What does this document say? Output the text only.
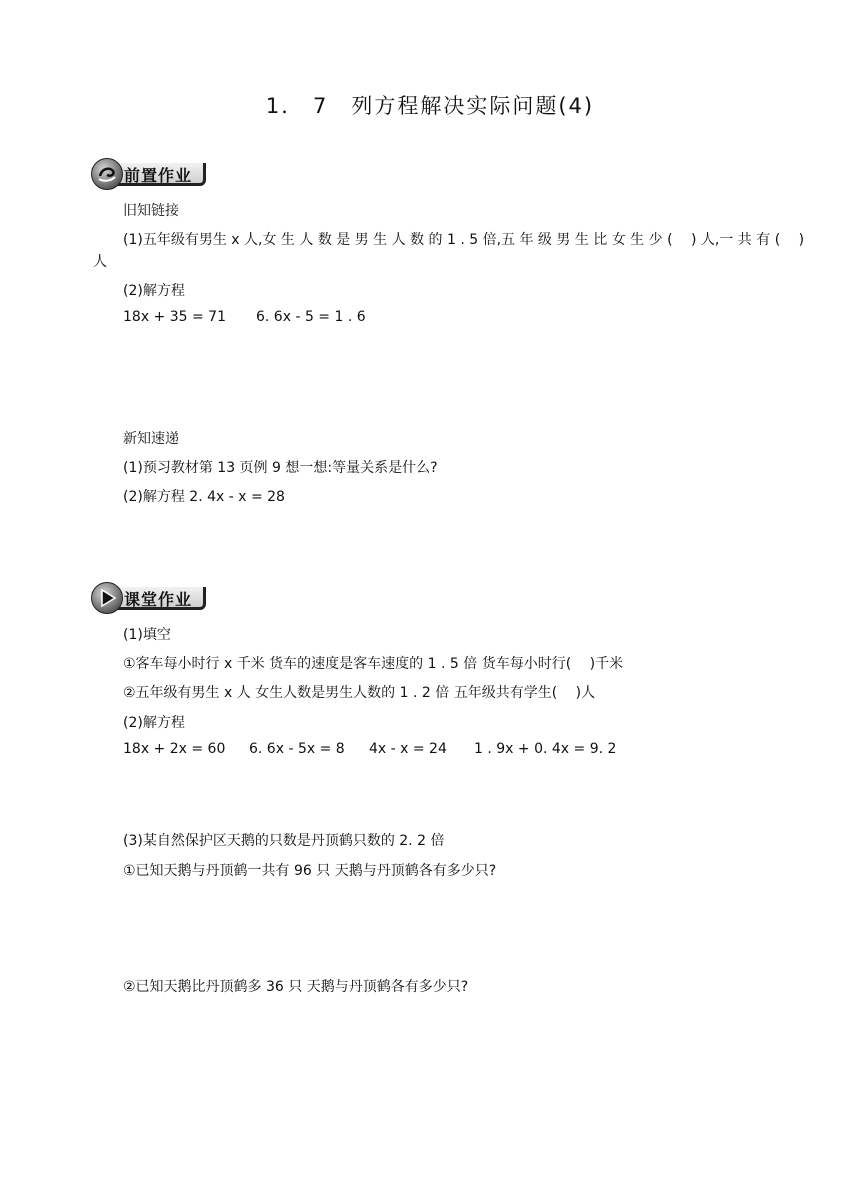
1． 7　列方程解决实际问题(4)
前置作业
旧知链接
(1)五年级有男生 x 人,女 生 人 数 是 男 生 人 数 的 1 . 5 倍,五 年 级 男 生 比 女 生 少 (　 ) 人,一 共 有 (　 )
人
(2)解方程
18x + 35 = 71 6. 6x - 5 = 1 . 6
新知速递
(1)预习教材第 13 页例 9 想一想:等量关系是什么?
(2)解方程 2. 4x - x = 28
课堂作业
(1)填空
①客车每小时行 x 千米 货车的速度是客车速度的 1 . 5 倍 货车每小时行(　 )千米
②五年级有男生 x 人 女生人数是男生人数的 1 . 2 倍 五年级共有学生(　 )人
(2)解方程
18x + 2x = 60 6. 6x - 5x = 8 4x - x = 24 1 . 9x + 0. 4x = 9. 2
(3)某自然保护区天鹅的只数是丹顶鹤只数的 2. 2 倍
①已知天鹅与丹顶鹤一共有 96 只 天鹅与丹顶鹤各有多少只?
②已知天鹅比丹顶鹤多 36 只 天鹅与丹顶鹤各有多少只?
